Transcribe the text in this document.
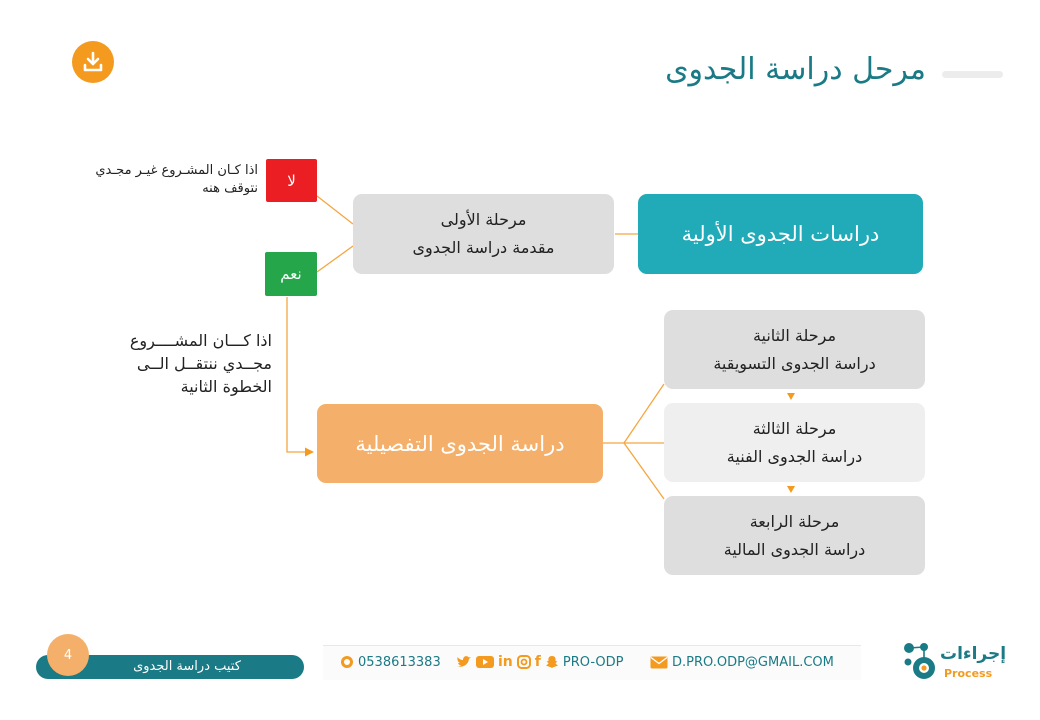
مرحل دراسة الجدوى
دراسات الجدوى الأولية
مرحلة الأولى
مقدمة دراسة الجدوى
لا
نعم
اذا كـان المشـروع غيـر مجـدي
نتوقف هنه
اذا كـــان المشــــروع
مجــدي ننتقــل الــى
الخطوة الثانية
دراسة الجدوى التفصيلية
مرحلة الثانية
دراسة الجدوى التسويقية
مرحلة الثالثة
دراسة الجدوى الفنية
مرحلة الرابعة
دراسة الجدوى المالية
كتيب دراسة الجدوى
4	0538613383	in f PRO-ODP	D.PRO.ODP@GMAIL.COM	إجراءات
Process
